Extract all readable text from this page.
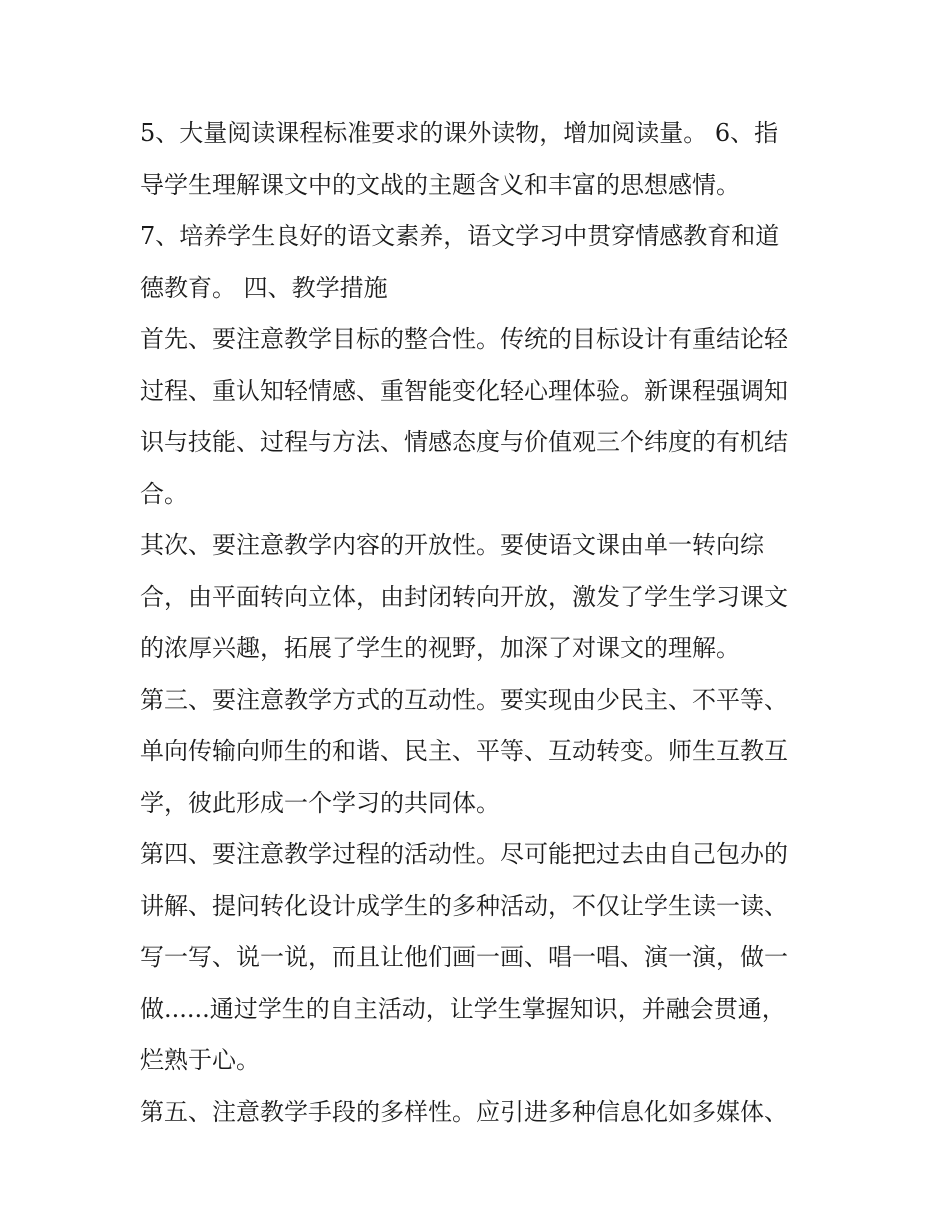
5、大量阅读课程标准要求的课外读物，增加阅读量。 6、指
导学生理解课文中的文战的主题含义和丰富的思想感情。
7、培养学生良好的语文素养，语文学习中贯穿情感教育和道
德教育。 四、教学措施
首先、要注意教学目标的整合性。传统的目标设计有重结论轻
过程、重认知轻情感、重智能变化轻心理体验。新课程强调知
识与技能、过程与方法、情感态度与价值观三个纬度的有机结
合。
其次、要注意教学内容的开放性。要使语文课由单一转向综
合，由平面转向立体，由封闭转向开放，激发了学生学习课文
的浓厚兴趣，拓展了学生的视野，加深了对课文的理解。
第三、要注意教学方式的互动性。要实现由少民主、不平等、
单向传输向师生的和谐、民主、平等、互动转变。师生互教互
学，彼此形成一个学习的共同体。
第四、要注意教学过程的活动性。尽可能把过去由自己包办的
讲解、提问转化设计成学生的多种活动，不仅让学生读一读、
写一写、说一说，而且让他们画一画、唱一唱、演一演，做一
做......通过学生的自主活动，让学生掌握知识，并融会贯通，
烂熟于心。
第五、注意教学手段的多样性。应引进多种信息化如多媒体、
